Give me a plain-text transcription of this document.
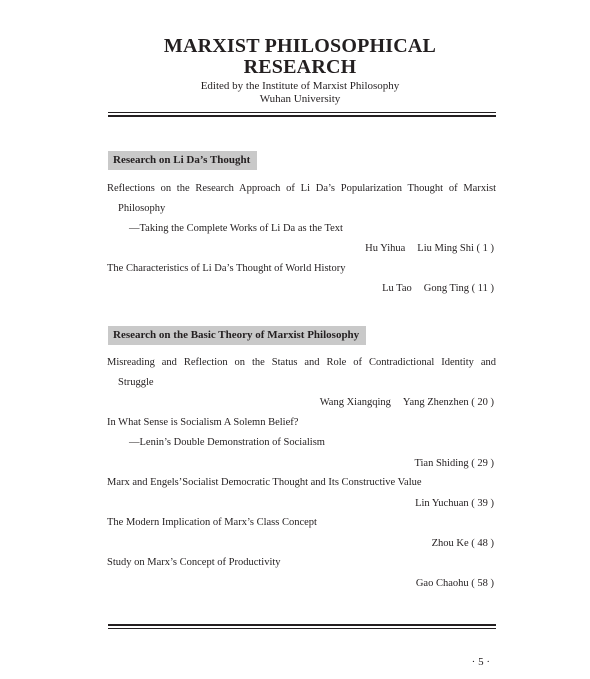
MARXIST PHILOSOPHICAL
RESEARCH
Edited by the Institute of Marxist Philosophy
Wuhan University
Research on Li Da’s Thought
Reflections on the Research Approach of Li Da’s Popularization Thought of Marxist
Philosophy
—Taking the Complete Works of Li Da as the Text
Hu Yihua Liu Ming Shi ( 1 )
The Characteristics of Li Da’s Thought of World History
Lu Tao Gong Ting ( 11 )
Research on the Basic Theory of Marxist Philosophy
Misreading and Reflection on the Status and Role of Contradictional Identity and
Struggle
Wang Xiangqing Yang Zhenzhen ( 20 )
In What Sense is Socialism A Solemn Belief?
—Lenin’s Double Demonstration of Socialism
Tian Shiding ( 29 )
Marx and Engels’Socialist Democratic Thought and Its Constructive Value
Lin Yuchuan ( 39 )
The Modern Implication of Marx’s Class Concept
Zhou Ke ( 48 )
Study on Marx’s Concept of Productivity
Gao Chaohu ( 58 )
· 5 ·
